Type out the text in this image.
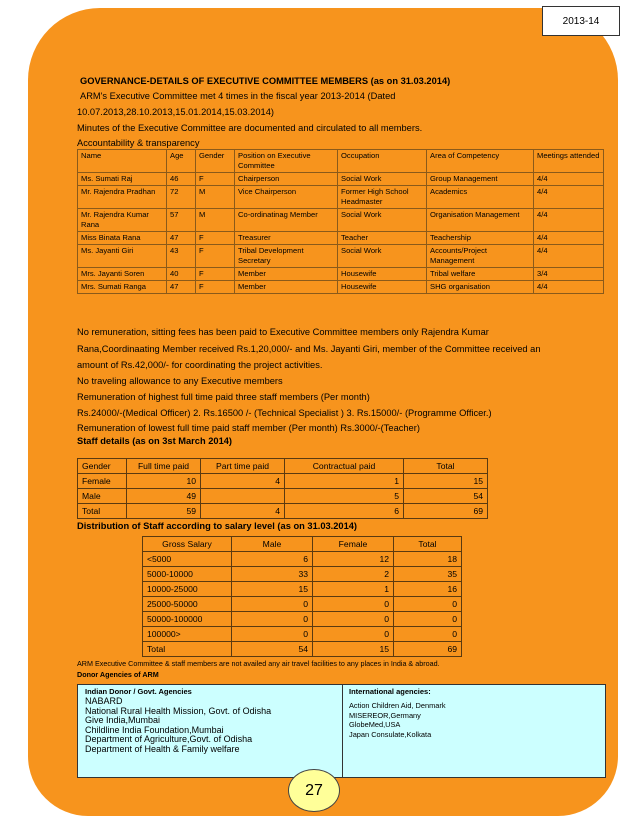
2013-14
GOVERNANCE-DETAILS OF EXECUTIVE COMMITTEE MEMBERS (as on 31.03.2014)
ARM's Executive Committee met 4 times in the fiscal year 2013-2014 (Dated
10.07.2013,28.10.2013,15.01.2014,15.03.2014)
Minutes of the Executive Committee are documented and circulated to all members.
Accountability & transparency
Name	Age	Gender	Position on Executive Committee	Occupation	Area of Competency	Meetings attended
Ms. Sumati Raj	46	F	Chairperson	Social Work	Group Management	4/4
Mr. Rajendra Pradhan	72	M	Vice Chairperson	Former High School Headmaster	Academics	4/4
Mr. Rajendra Kumar Rana	57	M	Co-ordinatinag Member	Social Work	Organisation Management	4/4
Miss Binata Rana	47	F	Treasurer	Teacher	Teachership	4/4
Ms. Jayanti Giri	43	F	Tribal Development Secretary	Social Work	Accounts/Project Management	4/4
Mrs. Jayanti Soren	40	F	Member	Housewife	Tribal welfare	3/4
Mrs. Sumati Ranga	47	F	Member	Housewife	SHG organisation	4/4
No remuneration, sitting fees has been paid to Executive Committee members only Rajendra Kumar
Rana,Coordinaating Member received Rs.1,20,000/- and Ms. Jayanti Giri, member of the Committee received an
amount of Rs.42,000/- for coordinating the project activities.
No traveling allowance to any Executive members
Remuneration of highest full time paid three staff members (Per month)
Rs.24000/-(Medical Officer) 2. Rs.16500 /- (Technical Specialist ) 3. Rs.15000/- (Programme Officer.)
Remuneration of lowest full time paid staff member (Per month) Rs.3000/-(Teacher)
Staff details (as on 3st March 2014)
Gender	Full time paid	Part time paid	Contractual paid	Total
Female	10	4	1	15
Male	49		5	54
Total	59	4	6	69
Distribution of Staff according to salary level (as on 31.03.2014)
Gross Salary	Male	Female	Total
<5000	6	12	18
5000-10000	33	2	35
10000-25000	15	1	16
25000-50000	0	0	0
50000-100000	0	0	0
100000>	0	0	0
Total	54	15	69
ARM Executive Committee & staff members are not availed any air travel facilities to any places in India & abroad.
Donor Agencies of ARM
Indian Donor / Govt. Agencies
NABARD
National Rural Health Mission, Govt. of Odisha
Give India,Mumbai
Childline India Foundation,Mumbai
Department of Agriculture,Govt. of Odisha
Department of Health & Family welfare
International agencies:
Action Children Aid, Denmark
MISEREOR,Germany
GlobeMed,USA
Japan Consulate,Kolkata
27
